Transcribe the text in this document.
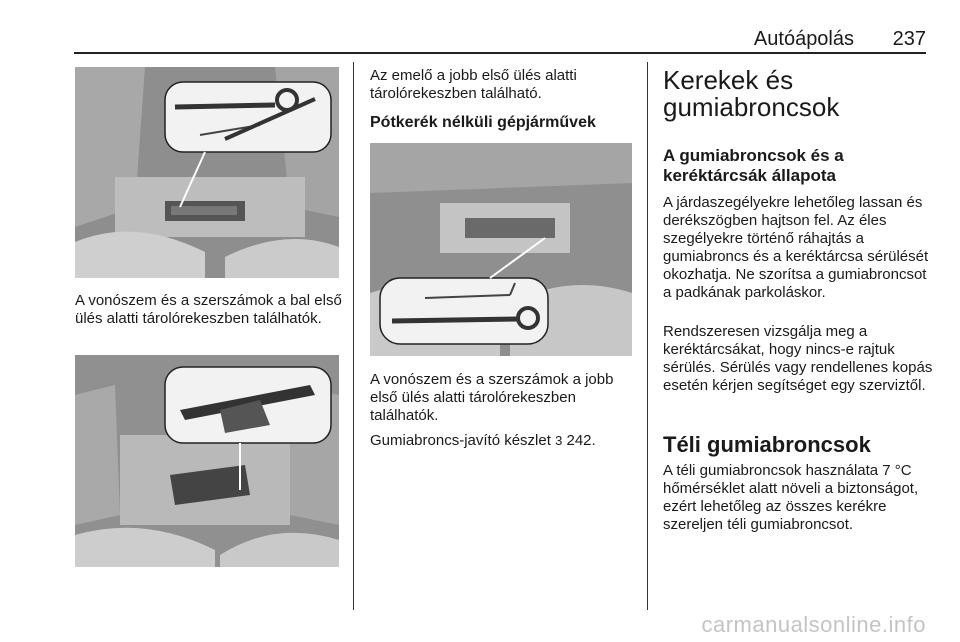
Autóápolás 237

A vonószem és a szerszámok a bal első ülés alatti tárolórekeszben találhatók.

Az emelő a jobb első ülés alatti tárolórekeszben található.

Pótkerék nélküli gépjárművek

A vonószem és a szerszámok a jobb első ülés alatti tárolórekeszben találhatók.

Gumiabroncs-javító készlet 3 242.

Kerekek és gumiabroncsok
A gumiabroncsok és a keréktárcsák állapota

A járdaszegélyekre lehetőleg lassan és derékszögben hajtson fel. Az éles szegélyekre történő ráhajtás a gumiabroncs és a keréktárcsa sérülését okozhatja. Ne szorítsa a gumiabroncsot a padkának parkoláskor.

Rendszeresen vizsgálja meg a keréktárcsákat, hogy nincs-e rajtuk sérülés. Sérülés vagy rendellenes kopás esetén kérjen segítséget egy szerviztől.

Téli gumiabroncsok

A téli gumiabroncsok használata 7 °C hőmérséklet alatt növeli a biztonságot, ezért lehetőleg az összes kerékre szereljen téli gumiabroncsot.

carmanualsonline.info
